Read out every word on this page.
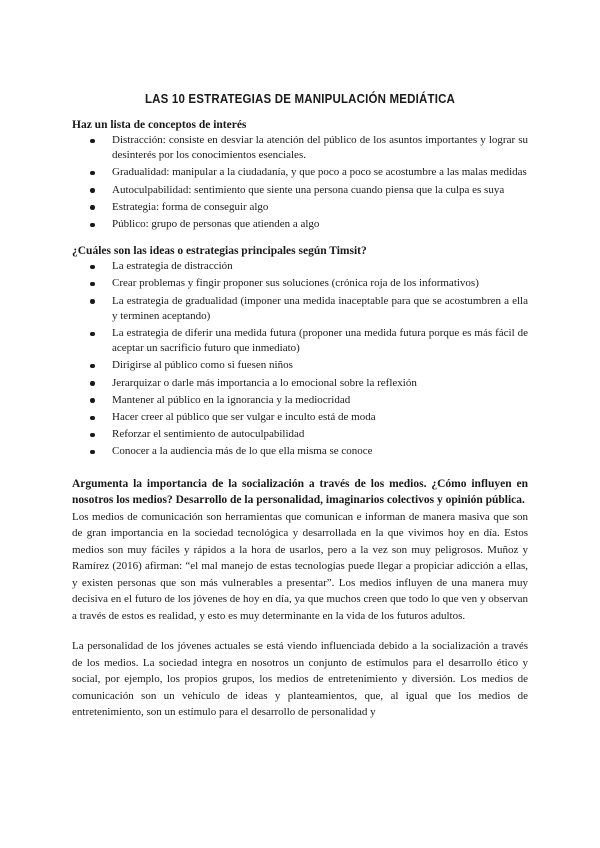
LAS 10 ESTRATEGIAS DE MANIPULACIÓN MEDIÁTICA

Haz un lista de conceptos de interés

Distracción: consiste en desviar la atención del público de los asuntos importantes y lograr su desinterés por los conocimientos esenciales.
Gradualidad: manipular a la ciudadanía, y que poco a poco se acostumbre a las malas medidas
Autoculpabilidad: sentimiento que siente una persona cuando piensa que la culpa es suya
Estrategia: forma de conseguir algo
Público: grupo de personas que atienden a algo

¿Cuáles son las ideas o estrategias principales según Timsit?

La estrategia de distracción
Crear problemas y fingir proponer sus soluciones (crónica roja de los informativos)
La estrategia de gradualidad (imponer una medida inaceptable para que se acostumbren a ella y terminen aceptando)
La estrategia de diferir una medida futura (proponer una medida futura porque es más fácil de aceptar un sacrificio futuro que inmediato)
Dirigirse al público como si fuesen niños
Jerarquizar o darle más importancia a lo emocional sobre la reflexión
Mantener al público en la ignorancia y la mediocridad
Hacer creer al público que ser vulgar e inculto está de moda
Reforzar el sentimiento de autoculpabilidad
Conocer a la audiencia más de lo que ella misma se conoce

Argumenta la importancia de la socialización a través de los medios. ¿Cómo influyen en nosotros los medios? Desarrollo de la personalidad, imaginarios colectivos y opinión pública.

Los medios de comunicación son herramientas que comunican e informan de manera masiva que son de gran importancia en la sociedad tecnológica y desarrollada en la que vivimos hoy en día. Estos medios son muy fáciles y rápidos a la hora de usarlos, pero a la vez son muy peligrosos. Muñoz y Ramírez (2016) afirman: “el mal manejo de estas tecnologías puede llegar a propiciar adicción a ellas, y existen personas que son más vulnerables a presentar”. Los medios influyen de una manera muy decisiva en el futuro de los jóvenes de hoy en día, ya que muchos creen que todo lo que ven y observan a través de estos es realidad, y esto es muy determinante en la vida de los futuros adultos.

La personalidad de los jóvenes actuales se está viendo influenciada debido a la socialización a través de los medios. La sociedad integra en nosotros un conjunto de estímulos para el desarrollo ético y social, por ejemplo, los propios grupos, los medios de entretenimiento y diversión. Los medios de comunicación son un vehículo de ideas y planteamientos, que, al igual que los medios de entretenimiento, son un estímulo para el desarrollo de personalidad y
